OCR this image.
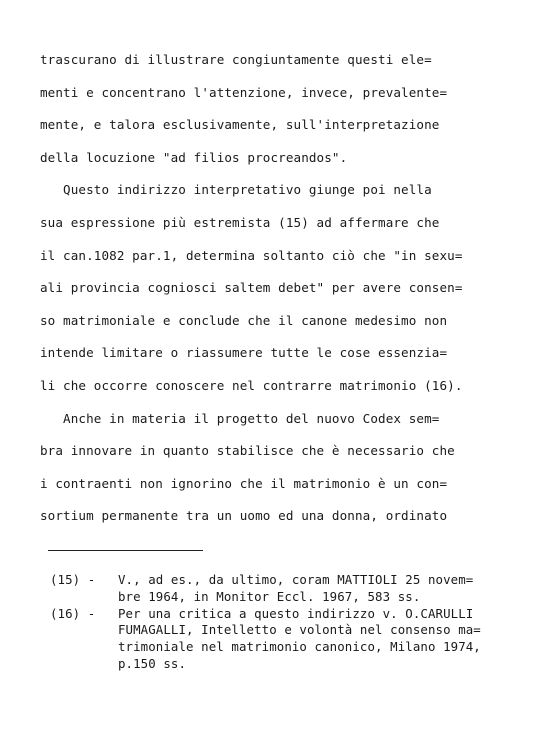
trascurano di illustrare congiuntamente questi ele=
menti e concentrano l'attenzione, invece, prevalente=
mente, e talora esclusivamente, sull'interpretazione
della locuzione "ad filios procreandos".
Questo indirizzo interpretativo giunge poi nella
sua espressione più estremista (15) ad affermare che
il can.1082 par.1, determina soltanto ciò che "in sexu=
ali provincia cogniosci saltem debet" per avere consen=
so matrimoniale e conclude che il canone medesimo non
intende limitare o riassumere tutte le cose essenzia=
li che occorre conoscere nel contrarre matrimonio (16).
Anche in materia il progetto del nuovo Codex sem=
bra innovare in quanto stabilisce che è necessario che
i contraenti non ignorino che il matrimonio è un con=
sortium permanente tra un uomo ed una donna, ordinato
(15) -	V., ad es., da ultimo, coram MATTIOLI 25 novem=
bre 1964, in Monitor Eccl. 1967, 583 ss.
(16) -	Per una critica a questo indirizzo v. O.CARULLI
FUMAGALLI, Intelletto e volontà nel consenso ma=
trimoniale nel matrimonio canonico, Milano 1974,
p.150 ss.
